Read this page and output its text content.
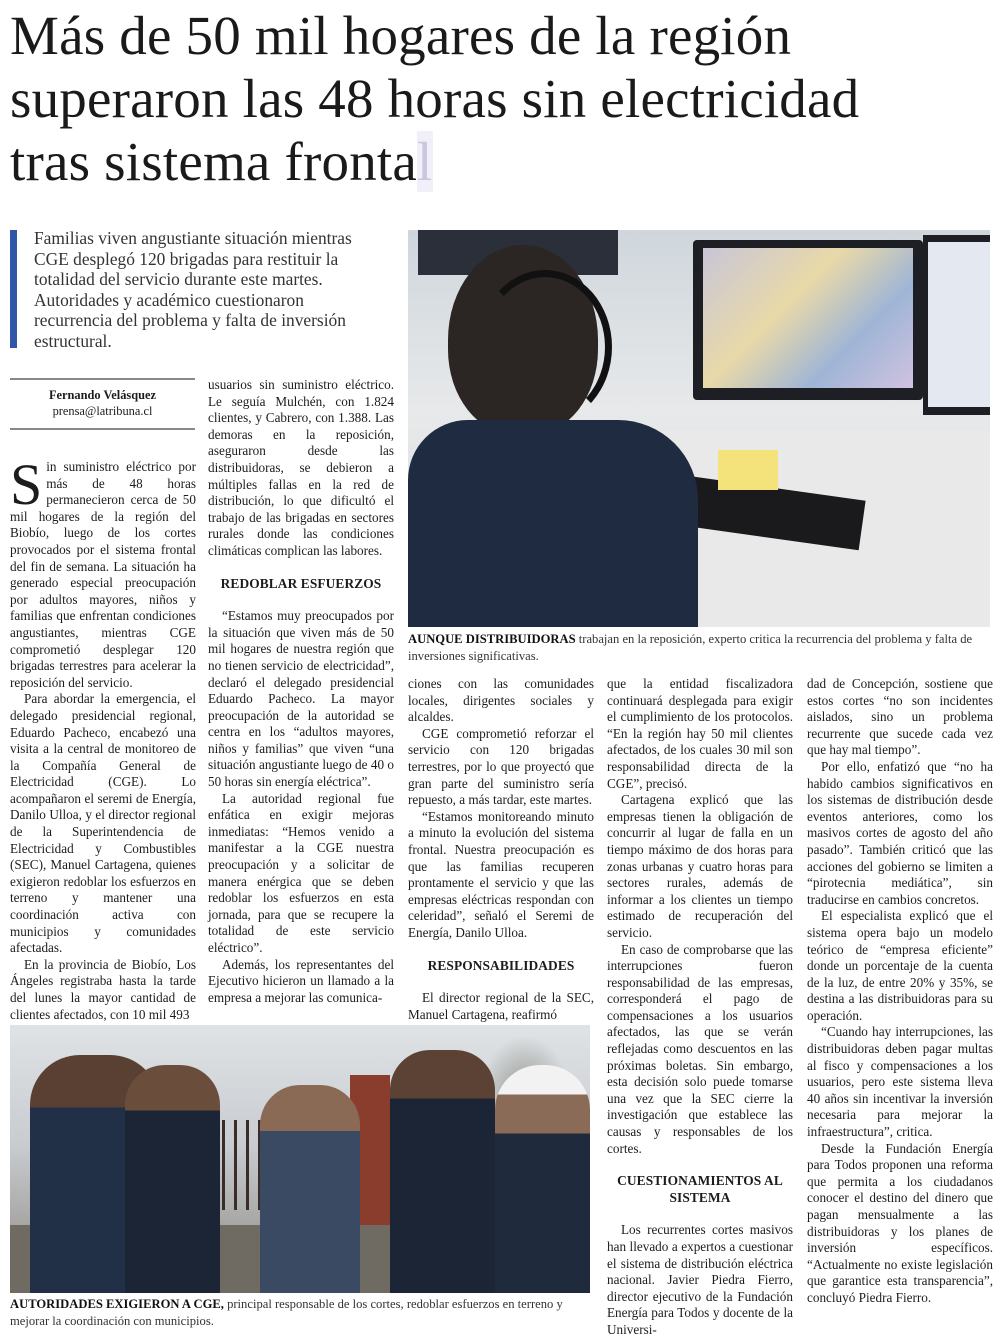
Más de 50 mil hogares de la región
superaron las 48 horas sin electricidad
tras sistema frontal

Familias viven angustiante situación mientras CGE desplegó 120 brigadas para restituir la totalidad del servicio durante este martes. Autoridades y académico cuestionaron recurrencia del problema y falta de inversión estructural.

Fernando Velásquez
prensa@latribuna.cl

Sin suministro eléctrico por más de 48 horas permanecieron cerca de 50 mil hogares de la región del Biobío, luego de los cortes provocados por el sistema frontal del fin de semana. La situación ha generado especial preocupación por adultos mayores, niños y familias que enfrentan condiciones angustiantes, mientras CGE comprometió desplegar 120 brigadas terrestres para acelerar la reposición del servicio.

Para abordar la emergencia, el delegado presidencial regional, Eduardo Pacheco, encabezó una visita a la central de monitoreo de la Compañía General de Electricidad (CGE). Lo acompañaron el seremi de Energía, Danilo Ulloa, y el director regional de la Superintendencia de Electricidad y Combustibles (SEC), Manuel Cartagena, quienes exigieron redoblar los esfuerzos en terreno y mantener una coordinación activa con municipios y comunidades afectadas.

En la provincia de Biobío, Los Ángeles registraba hasta la tarde del lunes la mayor cantidad de clientes afectados, con 10 mil 493

usuarios sin suministro eléctrico. Le seguía Mulchén, con 1.824 clientes, y Cabrero, con 1.388. Las demoras en la reposición, aseguraron desde las distribuidoras, se debieron a múltiples fallas en la red de distribución, lo que dificultó el trabajo de las brigadas en sectores rurales donde las condiciones climáticas complican las labores.

REDOBLAR ESFUERZOS

“Estamos muy preocupados por la situación que viven más de 50 mil hogares de nuestra región que no tienen servicio de electricidad”, declaró el delegado presidencial Eduardo Pacheco. La mayor preocupación de la autoridad se centra en los “adultos mayores, niños y familias” que viven “una situación angustiante luego de 40 o 50 horas sin energía eléctrica”.

La autoridad regional fue enfática en exigir mejoras inmediatas: “Hemos venido a manifestar a la CGE nuestra preocupación y a solicitar de manera enérgica que se deben redoblar los esfuerzos en esta jornada, para que se recupere la totalidad de este servicio eléctrico”.

Además, los representantes del Ejecutivo hicieron un llamado a la empresa a mejorar las comunica-

ciones con las comunidades locales, dirigentes sociales y alcaldes.

CGE comprometió reforzar el servicio con 120 brigadas terrestres, por lo que proyectó que gran parte del suministro sería repuesto, a más tardar, este martes.

“Estamos monitoreando minuto a minuto la evolución del sistema frontal. Nuestra preocupación es que las familias recuperen prontamente el servicio y que las empresas eléctricas respondan con celeridad”, señaló el Seremi de Energía, Danilo Ulloa.

RESPONSABILIDADES

El director regional de la SEC, Manuel Cartagena, reafirmó

que la entidad fiscalizadora continuará desplegada para exigir el cumplimiento de los protocolos. “En la región hay 50 mil clientes afectados, de los cuales 30 mil son responsabilidad directa de la CGE”, precisó.

Cartagena explicó que las empresas tienen la obligación de concurrir al lugar de falla en un tiempo máximo de dos horas para zonas urbanas y cuatro horas para sectores rurales, además de informar a los clientes un tiempo estimado de recuperación del servicio.

En caso de comprobarse que las interrupciones fueron responsabilidad de las empresas, corresponderá el pago de compensaciones a los usuarios afectados, las que se verán reflejadas como descuentos en las próximas boletas. Sin embargo, esta decisión solo puede tomarse una vez que la SEC cierre la investigación que establece las causas y responsables de los cortes.

CUESTIONAMIENTOS AL SISTEMA

Los recurrentes cortes masivos han llevado a expertos a cuestionar el sistema de distribución eléctrica nacional. Javier Piedra Fierro, director ejecutivo de la Fundación Energía para Todos y docente de la Universi-

dad de Concepción, sostiene que estos cortes “no son incidentes aislados, sino un problema recurrente que sucede cada vez que hay mal tiempo”.

Por ello, enfatizó que “no ha habido cambios significativos en los sistemas de distribución desde eventos anteriores, como los masivos cortes de agosto del año pasado”. También criticó que las acciones del gobierno se limiten a “pirotecnia mediática”, sin traducirse en cambios concretos.

El especialista explicó que el sistema opera bajo un modelo teórico de “empresa eficiente” donde un porcentaje de la cuenta de la luz, de entre 20% y 35%, se destina a las distribuidoras para su operación.

“Cuando hay interrupciones, las distribuidoras deben pagar multas al fisco y compensaciones a los usuarios, pero este sistema lleva 40 años sin incentivar la inversión necesaria para mejorar la infraestructura”, critica.

Desde la Fundación Energía para Todos proponen una reforma que permita a los ciudadanos conocer el destino del dinero que pagan mensualmente a las distribuidoras y los planes de inversión específicos. “Actualmente no existe legislación que garantice esta transparencia”, concluyó Piedra Fierro.

AUNQUE DISTRIBUIDORAS trabajan en la reposición, experto critica la recurrencia del problema y falta de inversiones significativas.
AUTORIDADES EXIGIERON A CGE, principal responsable de los cortes, redoblar esfuerzos en terreno y mejorar la coordinación con municipios.
